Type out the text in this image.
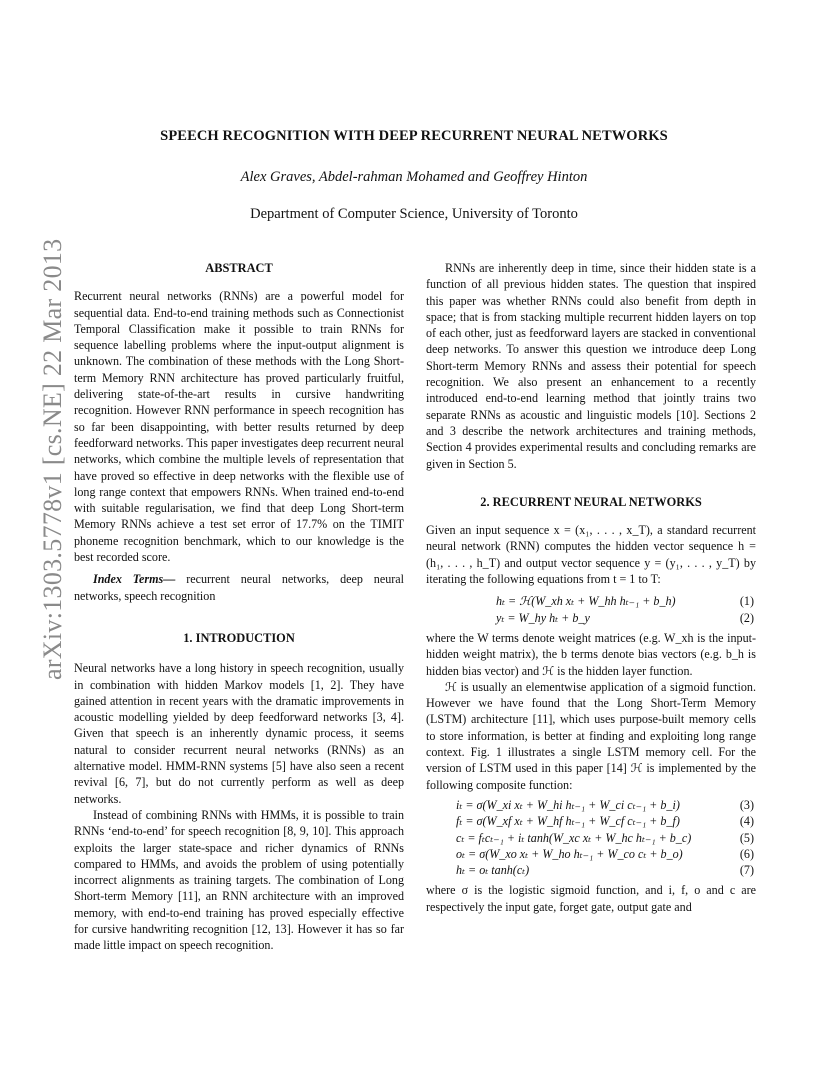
arXiv:1303.5778v1 [cs.NE] 22 Mar 2013
SPEECH RECOGNITION WITH DEEP RECURRENT NEURAL NETWORKS
Alex Graves, Abdel-rahman Mohamed and Geoffrey Hinton
Department of Computer Science, University of Toronto
ABSTRACT

Recurrent neural networks (RNNs) are a powerful model for sequential data. End-to-end training methods such as Connectionist Temporal Classification make it possible to train RNNs for sequence labelling problems where the input-output alignment is unknown. The combination of these methods with the Long Short-term Memory RNN architecture has proved particularly fruitful, delivering state-of-the-art results in cursive handwriting recognition. However RNN performance in speech recognition has so far been disappointing, with better results returned by deep feedforward networks. This paper investigates deep recurrent neural networks, which combine the multiple levels of representation that have proved so effective in deep networks with the flexible use of long range context that empowers RNNs. When trained end-to-end with suitable regularisation, we find that deep Long Short-term Memory RNNs achieve a test set error of 17.7% on the TIMIT phoneme recognition benchmark, which to our knowledge is the best recorded score.

Index Terms— recurrent neural networks, deep neural networks, speech recognition

1. INTRODUCTION

Neural networks have a long history in speech recognition, usually in combination with hidden Markov models [1, 2]. They have gained attention in recent years with the dramatic improvements in acoustic modelling yielded by deep feedforward networks [3, 4]. Given that speech is an inherently dynamic process, it seems natural to consider recurrent neural networks (RNNs) as an alternative model. HMM-RNN systems [5] have also seen a recent revival [6, 7], but do not currently perform as well as deep networks.

Instead of combining RNNs with HMMs, it is possible to train RNNs ‘end-to-end’ for speech recognition [8, 9, 10]. This approach exploits the larger state-space and richer dynamics of RNNs compared to HMMs, and avoids the problem of using potentially incorrect alignments as training targets. The combination of Long Short-term Memory [11], an RNN architecture with an improved memory, with end-to-end training has proved especially effective for cursive handwriting recognition [12, 13]. However it has so far made little impact on speech recognition.

RNNs are inherently deep in time, since their hidden state is a function of all previous hidden states. The question that inspired this paper was whether RNNs could also benefit from depth in space; that is from stacking multiple recurrent hidden layers on top of each other, just as feedforward layers are stacked in conventional deep networks. To answer this question we introduce deep Long Short-term Memory RNNs and assess their potential for speech recognition. We also present an enhancement to a recently introduced end-to-end learning method that jointly trains two separate RNNs as acoustic and linguistic models [10]. Sections 2 and 3 describe the network architectures and training methods, Section 4 provides experimental results and concluding remarks are given in Section 5.

2. RECURRENT NEURAL NETWORKS

Given an input sequence x = (x₁, . . . , x_T), a standard recurrent neural network (RNN) computes the hidden vector sequence h = (h₁, . . . , h_T) and output vector sequence y = (y₁, . . . , y_T) by iterating the following equations from t = 1 to T:

hₜ = ℋ(W_xh xₜ + W_hh hₜ₋₁ + b_h)	(1)
yₜ = W_hy hₜ + b_y	(2)

where the W terms denote weight matrices (e.g. W_xh is the input-hidden weight matrix), the b terms denote bias vectors (e.g. b_h is hidden bias vector) and ℋ is the hidden layer function.

ℋ is usually an elementwise application of a sigmoid function. However we have found that the Long Short-Term Memory (LSTM) architecture [11], which uses purpose-built memory cells to store information, is better at finding and exploiting long range context. Fig. 1 illustrates a single LSTM memory cell. For the version of LSTM used in this paper [14] ℋ is implemented by the following composite function:

iₜ = σ(W_xi xₜ + W_hi hₜ₋₁ + W_ci cₜ₋₁ + b_i)	(3)
fₜ = σ(W_xf xₜ + W_hf hₜ₋₁ + W_cf cₜ₋₁ + b_f)	(4)
cₜ = fₜcₜ₋₁ + iₜ tanh(W_xc xₜ + W_hc hₜ₋₁ + b_c)	(5)
oₜ = σ(W_xo xₜ + W_ho hₜ₋₁ + W_co cₜ + b_o)	(6)
hₜ = oₜ tanh(cₜ)	(7)

where σ is the logistic sigmoid function, and i, f, o and c are respectively the input gate, forget gate, output gate and
